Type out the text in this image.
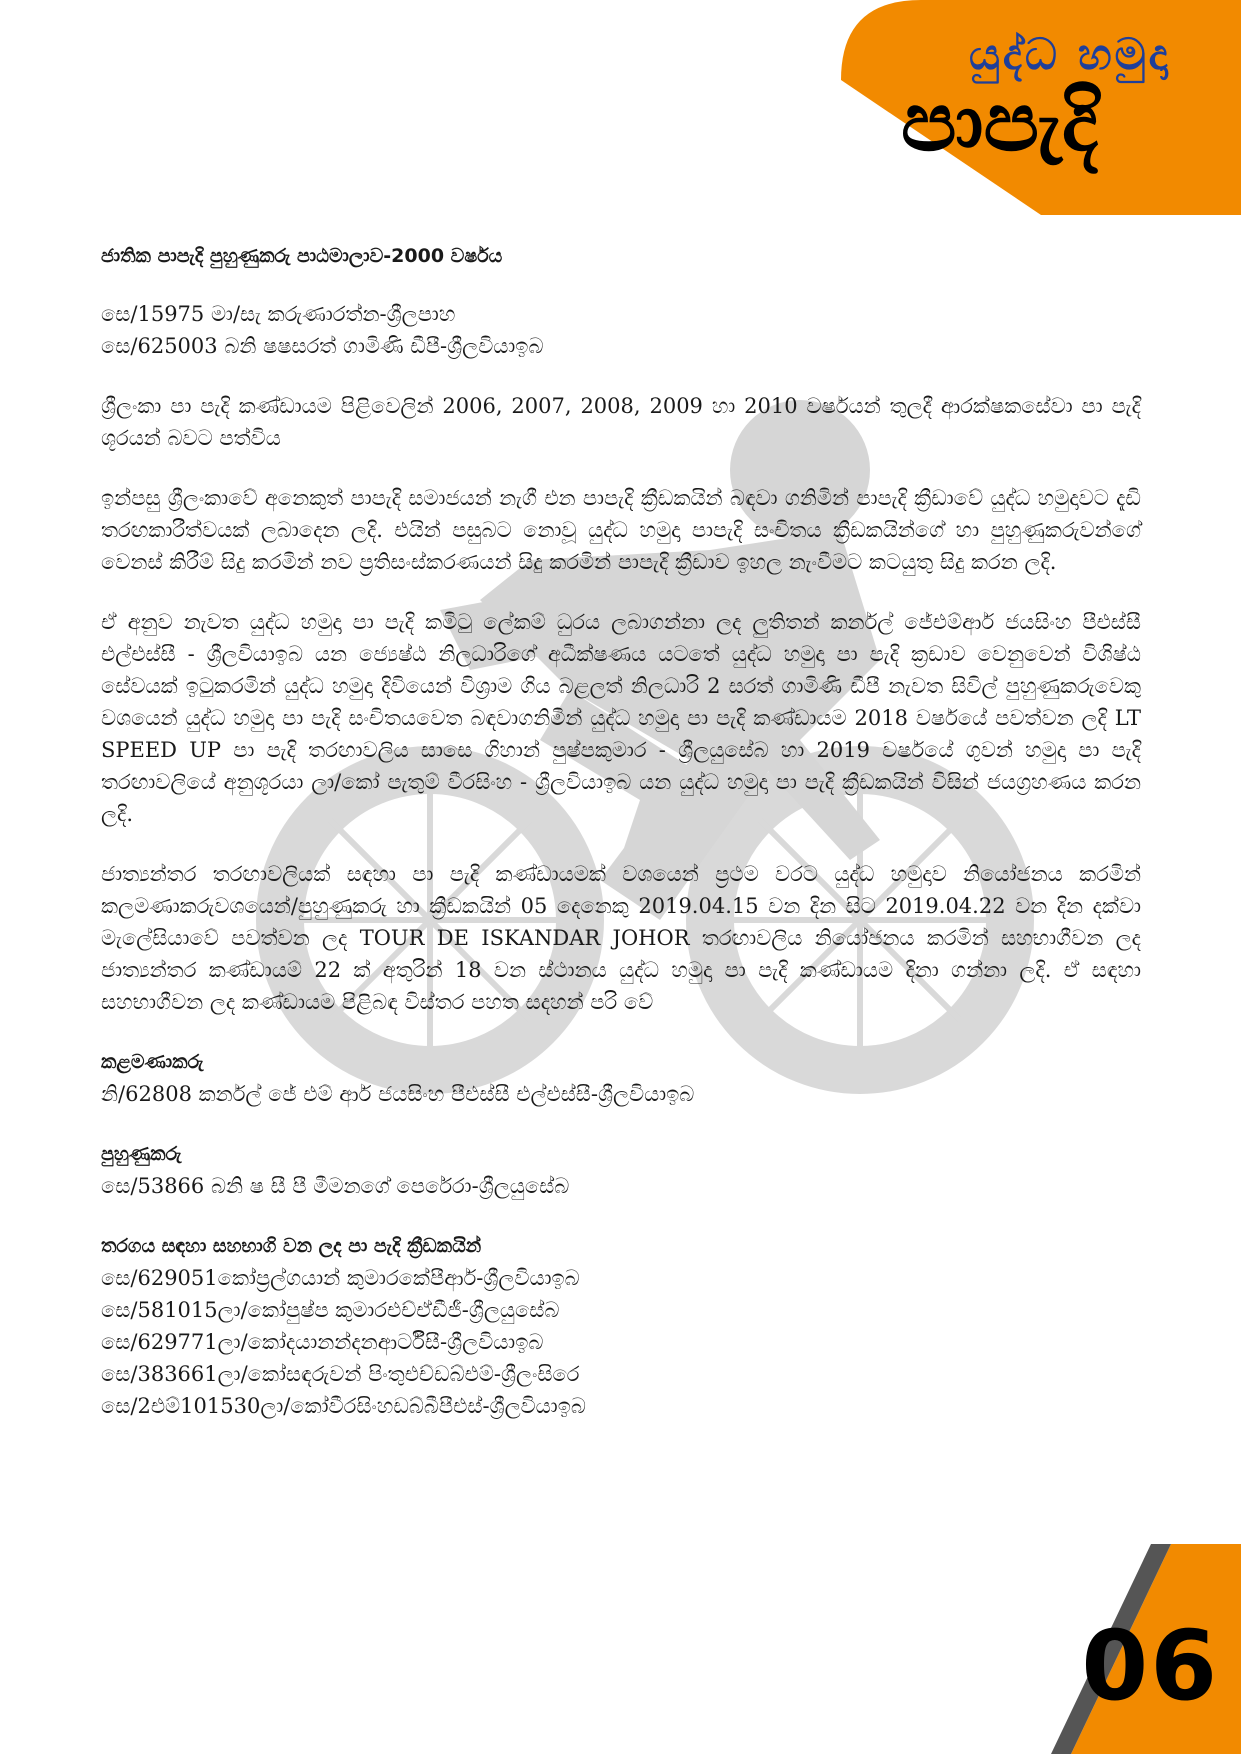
යුද්ධ හමුදා
පාපැදි

ජාතික පාපැදි පුහුණුකරු පාඨමාලාව-2000 වර්ෂය

සෙ/15975 මා/සැ කරුණාරත්න-ශ්‍රීලපාහ

සෙ/625003 බනි ෂෂසරත් ගාමිණි ඩීපී-ශ්‍රීලවියාඉබ

ශ්‍රීලංකා පා පැදි කණ්ඩායම පිළිවෙලින් 2006, 2007, 2008, 2009 හා 2010 වර්ෂයන් තුලදී ආරක්ෂකසේවා පා පැදි ශූරයන් බවට පත්විය

ඉන්පසු ශ්‍රීලංකාවේ අනෙකුත් පාපැදි සමාජයන් නැගී එන පාපැදි ක්‍රීඩකයින් බඳවා ගනිමින් පාපැදි ක්‍රීඩාවේ යුද්ධ හමුදාවට දැඩි තරඟකාරීත්වයක් ලබාදෙන ලදි. එයින් පසුබට නොවූ යුද්ධ හමුදා පාපැදි සංචිතය ක්‍රීඩකයින්ගේ හා පුහුණුකරුවන්ගේ වෙනස් කිරීම් සිදු කරමින් නව ප්‍රතිසංස්කරණයන් සිදු කරමින් පාපැදි ක්‍රීඩාව ඉහල නැංවීමට කටයුතු සිදු කරන ලදි.

ඒ අනුව නැවත යුද්ධ හමුදා පා පැදි කමිටු ලේකම් ධුරය ලබාගන්නා ලද ලුතිතන් කර්නල් ජේඑම්ආර් ජයසිංහ පීඑස්සී එල්එස්සී - ශ්‍රීලවියාඉබ යන ජ්‍යෙෂ්ඨ නිලධාරිගේ අධීක්ෂණය යටතේ යුද්ධ හමුදා පා පැදි ක්‍රඩාව වෙනුවෙන් විශිෂ්ඨ සේවයක් ඉටුකරමින් යුද්ධ හමුදා දිවියෙන් විශ්‍රාම ගිය බළලත් නිලධාරි 2 සරත් ගාමිණි ඩීපී නැවත සිවිල් පුහුණුකරුවෙකු වශයෙන් යුද්ධ හමුදා පා පැදි සංචිතයවෙත බඳවාගනිමින් යුද්ධ හමුදා පා පැදි කණ්ඩායම 2018 වර්ෂයේ පවත්වන ලදි LT SPEED UP පා පැදි තරඟාවලිය සාසෙ ගිහාන් පුෂ්පකුමාර - ශ්‍රීලයුසේබ හා 2019 වර්ෂයේ ගුවන් හමුදා පා පැදි තරඟාවලියේ අනුශූරයා ලා/කෝ පැතුම් වීරසිංහ - ශ්‍රීලවියාඉබ යන යුද්ධ හමුදා පා පැදි ක්‍රීඩකයින් විසින් ජයග්‍රහණය කරන ලදි.

ජාත්‍යන්තර තරඟාවලියක් සඳහා පා පැදි කණ්ඩායමක් වශයෙන් ප්‍රථම වරට යුද්ධ හමුදාව නියෝජනය කරමින් කලමණාකරුවශයෙන්/පුහුණුකරු හා ක්‍රීඩකයින් 05 දෙනෙකු 2019.04.15 වන දින සිට 2019.04.22 වන දින දක්වා මැලේසියාවේ පවත්වන ලද TOUR DE ISKANDAR JOHOR තරඟාවලිය නියෝජනය කරමින් සහභාගීවන ලද ජාත්‍යන්තර කණ්ඩායම් 22 ක් අතුරින් 18 වන ස්ථානය යුද්ධ හමුදා පා පැදි කණ්ඩායම දිනා ගන්නා ලදි. ඒ සඳහා සහභාගීවන ලද කණ්ඩායම පිළිබඳ විස්තර පහත සදහන් පරි වේ

කළමණාකරු

නි/62808 කර්නල් ජේ එම් ආර් ජයසිංහ පීඑස්සී එල්එස්සී-ශ්‍රීලවියාඉබ

පුහුණුකරු

සෙ/53866 බනි ෂ සී පී මීමනගේ පෙරේරා-ශ්‍රීලයුසේබ

තරගය සඳහා සහභාගි වන ලද පා පැදි ක්‍රීඩකයින්

සෙ/629051කෝප්‍රල්ගයාන් කුමාරකේපීආර්-ශ්‍රීලවියාඉබ

සෙ/581015ලා/කෝපුෂ්ප කුමාරඑච්ඒඩීජී-ශ්‍රීලයුසේබ

සෙ/629771ලා/කෝදයානන්දනආර්ටීසී-ශ්‍රීලවියාඉබ

සෙ/383661ලා/කෝසඳරුවන් පිංතුඑච්ඩබ්එම්-ශ්‍රීලංසිරෙ

සෙ/2එම්101530ලා/කෝවීරසිංහඩබ්බීපීඑස්-ශ්‍රීලවියාඉබ

06
